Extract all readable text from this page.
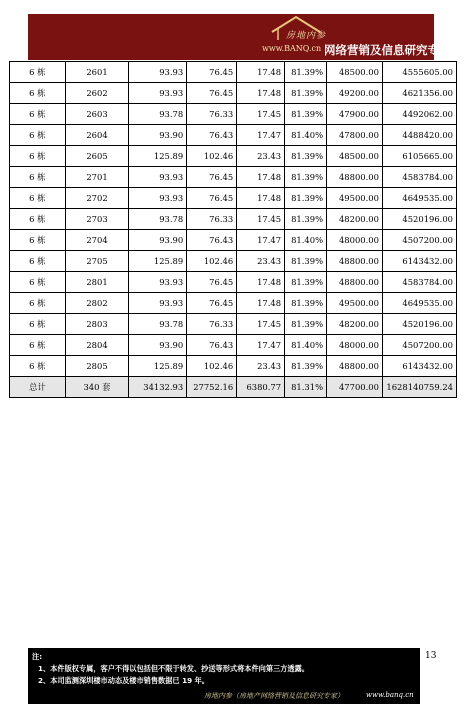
房地内参
www.BANQ.cn 网络营销及信息研究专家
6 栋	2601	93.93	76.45	17.48	81.39%	48500.00	4555605.00
6 栋	2602	93.93	76.45	17.48	81.39%	49200.00	4621356.00
6 栋	2603	93.78	76.33	17.45	81.39%	47900.00	4492062.00
6 栋	2604	93.90	76.43	17.47	81.40%	47800.00	4488420.00
6 栋	2605	125.89	102.46	23.43	81.39%	48500.00	6105665.00
6 栋	2701	93.93	76.45	17.48	81.39%	48800.00	4583784.00
6 栋	2702	93.93	76.45	17.48	81.39%	49500.00	4649535.00
6 栋	2703	93.78	76.33	17.45	81.39%	48200.00	4520196.00
6 栋	2704	93.90	76.43	17.47	81.40%	48000.00	4507200.00
6 栋	2705	125.89	102.46	23.43	81.39%	48800.00	6143432.00
6 栋	2801	93.93	76.45	17.48	81.39%	48800.00	4583784.00
6 栋	2802	93.93	76.45	17.48	81.39%	49500.00	4649535.00
6 栋	2803	93.78	76.33	17.45	81.39%	48200.00	4520196.00
6 栋	2804	93.90	76.43	17.47	81.40%	48000.00	4507200.00
6 栋	2805	125.89	102.46	23.43	81.39%	48800.00	6143432.00
总计	340 套	34132.93	27752.16	6380.77	81.31%	47700.00	1628140759.24
13
注:
1、本件版权专属，客户不得以包括但不限于转发、抄送等形式将本件向第三方透露。
2、本司监测深圳楼市动态及楼市销售数据已 19 年。
房地内参（房地产网络营销及信息研究专家）	www.banq.cn
